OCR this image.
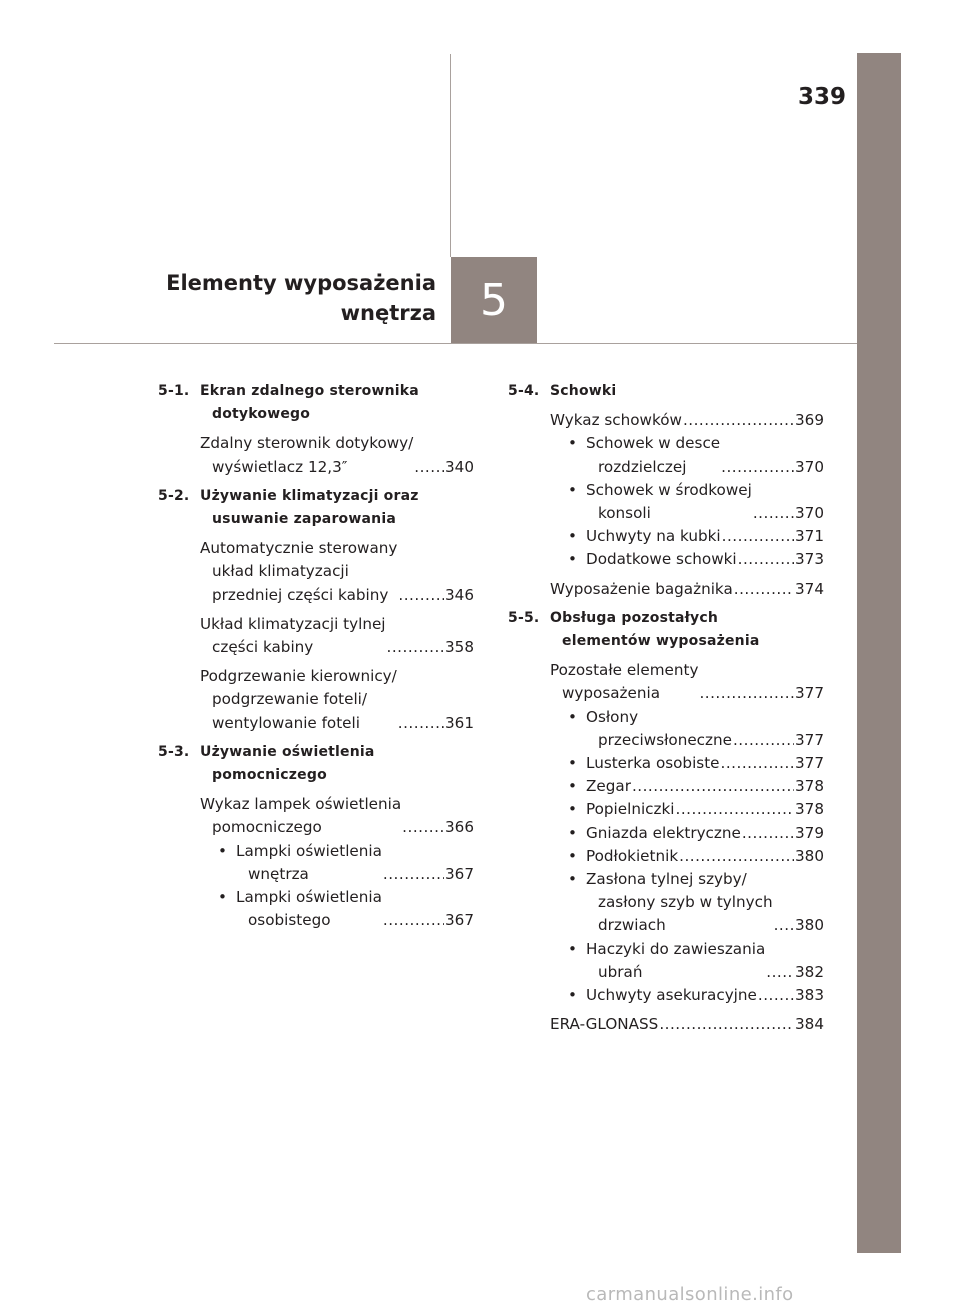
339
5
Elementy wyposażenia
wnętrza
5-1. Ekran zdalnego sterownika
dotykowego
Zdalny sterownik dotykowy/
wyświetlacz 12,3″ .....	340
5-2. Używanie klimatyzacji oraz
usuwanie zaparowania
Automatycznie sterowany
układ klimatyzacji
przedniej części kabiny .....	346
Układ klimatyzacji tylnej
części kabiny .....	358
Podgrzewanie kierownicy/
podgrzewanie foteli/
wentylowanie foteli .....	361
5-3. Używanie oświetlenia
pomocniczego
Wykaz lampek oświetlenia
pomocniczego .....	366
• Lampki oświetlenia
wnętrza .....	367
• Lampki oświetlenia
osobistego .....	367
5-4. Schowki
Wykaz schowków .....	369
• Schowek w desce
rozdzielczej .....	370
• Schowek w środkowej
konsoli .....	370
• Uchwyty na kubki .....	371
• Dodatkowe schowki .....	373
Wyposażenie bagażnika .....	374
5-5. Obsługa pozostałych
elementów wyposażenia
Pozostałe elementy
wyposażenia .....	377
• Osłony
przeciwsłoneczne .....	377
• Lusterka osobiste .....	377
• Zegar .....	378
• Popielniczki .....	378
• Gniazda elektryczne .....	379
• Podłokietnik .....	380
• Zasłona tylnej szyby/
zasłony szyb w tylnych
drzwiach .....	380
• Haczyki do zawieszania
ubrań .....	382
• Uchwyty asekuracyjne .....	383
ERA-GLONASS .....	384
carmanualsonline.info
